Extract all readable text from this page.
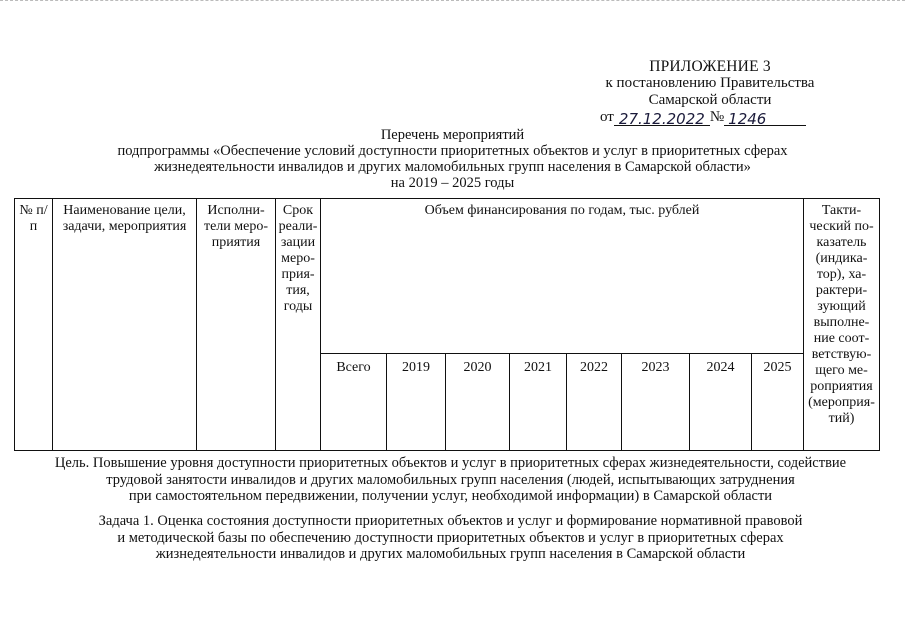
ПРИЛОЖЕНИЕ 3
к постановлению Правительства
Самарской области
от 27.12.2022 № 1246
Перечень мероприятий
подпрограммы «Обеспечение условий доступности приоритетных объектов и услуг в приоритетных сферах
жизнедеятельности инвалидов и других маломобильных групп населения в Самарской области»
на 2019 – 2025 годы
№ п/п	Наименование цели, задачи, мероприятия	Исполни-тели меро-приятия	Срок реали-зации меро-прия-тия, годы	Объем финансирования по годам, тыс. рублей								Такти-ческий по-казатель (индика-тор), ха-рактери-зующий выполне-ние соот-ветствую-щего ме-роприятия (мероприя-тий)
				Всего	2019	2020	2021	2022	2023	2024	2025	
Цель. Повышение уровня доступности приоритетных объектов и услуг в приоритетных сферах жизнедеятельности, содействие
трудовой занятости инвалидов и других маломобильных групп населения (людей, испытывающих затруднения
при самостоятельном передвижении, получении услуг, необходимой информации) в Самарской области
Задача 1. Оценка состояния доступности приоритетных объектов и услуг и формирование нормативной правовой
и методической базы по обеспечению доступности приоритетных объектов и услуг в приоритетных сферах
жизнедеятельности инвалидов и других маломобильных групп населения в Самарской области
